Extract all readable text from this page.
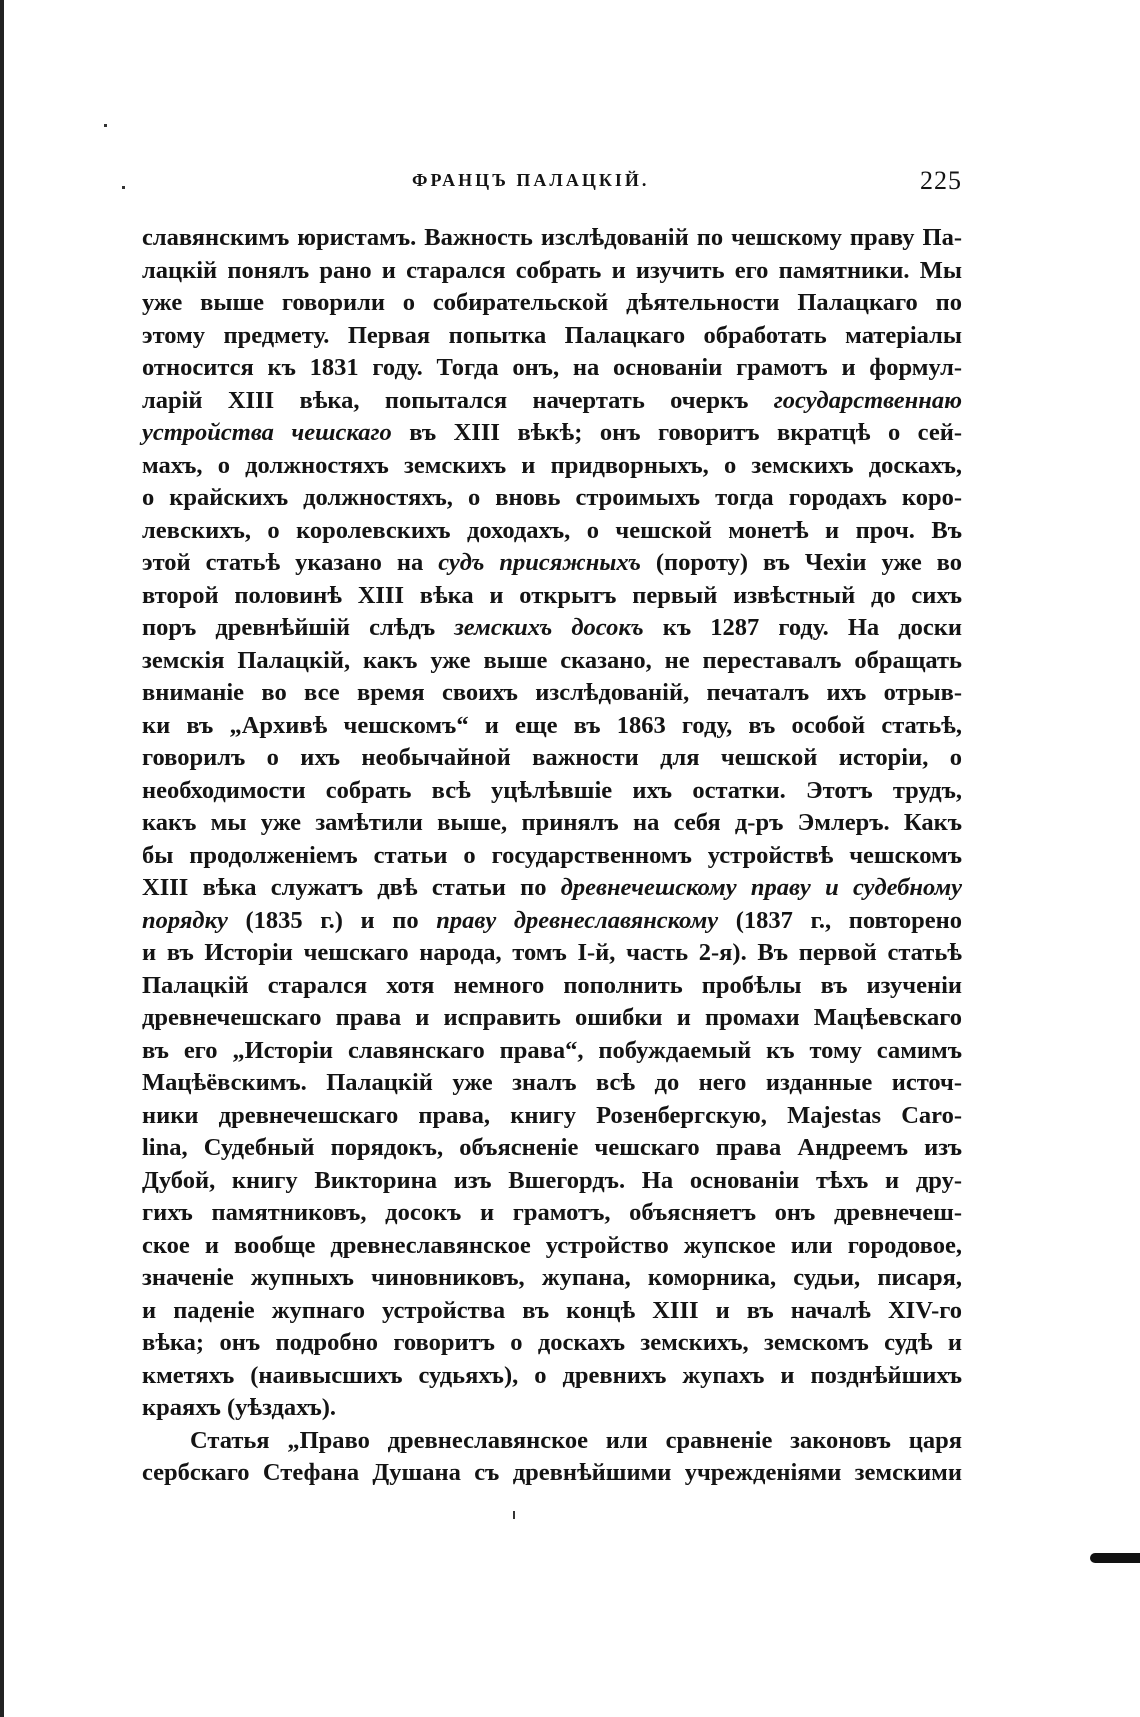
ФРАНЦЪ ПАЛАЦКІЙ.	225
славянскимъ юристамъ. Важность изслѣдованій по чешскому праву Па-
лацкій понялъ рано и старался собрать и изучить его памятники. Мы
уже выше говорили о собирательской дѣятельности Палацкаго по
этому предмету. Первая попытка Палацкаго обработать матеріалы
относится къ 1831 году. Тогда онъ, на основаніи грамотъ и формул-
ларій XIII вѣка, попытался начертать очеркъ государственнаю
устройства чешскаго въ XIII вѣкѣ; онъ говоритъ вкратцѣ о сей-
махъ, о должностяхъ земскихъ и придворныхъ, о земскихъ доскахъ,
о крайскихъ должностяхъ, о вновь строимыхъ тогда городахъ коро-
левскихъ, о королевскихъ доходахъ, о чешской монетѣ и проч. Въ
этой статьѣ указано на судъ присяжныхъ (пороту) въ Чехіи уже во
второй половинѣ XIII вѣка и открытъ первый извѣстный до сихъ
поръ древнѣйшій слѣдъ земскихъ досокъ къ 1287 году. На доски
земскія Палацкій, какъ уже выше сказано, не переставалъ обращать
вниманіе во все время своихъ изслѣдованій, печаталъ ихъ отрыв-
ки въ „Архивѣ чешскомъ“ и еще въ 1863 году, въ особой статьѣ,
говорилъ о ихъ необычайной важности для чешской исторіи, о
необходимости собрать всѣ уцѣлѣвшіе ихъ остатки. Этотъ трудъ,
какъ мы уже замѣтили выше, принялъ на себя д-ръ Эмлеръ. Какъ
бы продолженіемъ статьи о государственномъ устройствѣ чешскомъ
XIII вѣка служатъ двѣ статьи по древнечешскому праву и судебному
порядку (1835 г.) и по праву древнеславянскому (1837 г., повторено
и въ Исторіи чешскаго народа, томъ I-й, часть 2-я). Въ первой статьѣ
Палацкій старался хотя немного пополнить пробѣлы въ изученіи
древнечешскаго права и исправить ошибки и промахи Мацѣевскаго
въ его „Исторіи славянскаго права“, побуждаемый къ тому самимъ
Мацѣёвскимъ. Палацкій уже зналъ всѣ до него изданные источ-
ники древнечешскаго права, книгу Розенбергскую, Majestas Caro-
lina, Судебный порядокъ, объясненіе чешскаго права Андреемъ изъ
Дубой, книгу Викторина изъ Вшегордъ. На основаніи тѣхъ и дру-
гихъ памятниковъ, досокъ и грамотъ, объясняетъ онъ древнечеш-
ское и вообще древнеславянское устройство жупское или городовое,
значеніе жупныхъ чиновниковъ, жупана, коморника, судьи, писаря,
и паденіе жупнаго устройства въ концѣ XIII и въ началѣ XIV-го
вѣка; онъ подробно говоритъ о доскахъ земскихъ, земскомъ судѣ и
кметяхъ (наивысшихъ судьяхъ), о древнихъ жупахъ и позднѣйшихъ
краяхъ (уѣздахъ).
Статья „Право древнеславянское или сравненіе законовъ царя
сербскаго Стефана Душана съ древнѣйшими учрежденіями земскими
